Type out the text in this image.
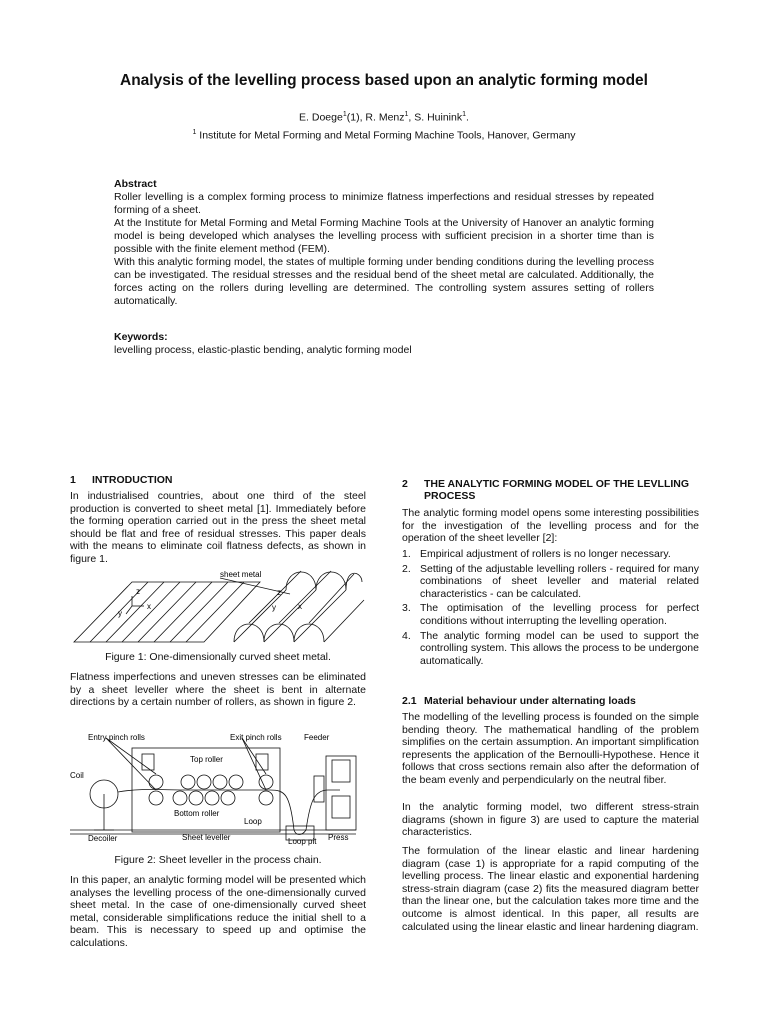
Analysis of the levelling process based upon an analytic forming model
E. Doege$^1$(1), R. Menz$^1$, S. Huinink$^1$.
$^1$ Institute for Metal Forming and Metal Forming Machine Tools, Hanover, Germany
Abstract

Roller levelling is a complex forming process to minimize flatness imperfections and residual stresses by repeated forming of a sheet.

At the Institute for Metal Forming and Metal Forming Machine Tools at the University of Hanover an analytic forming model is being developed which analyses the levelling process with sufficient precision in a shorter time than is possible with the finite element method (FEM).

With this analytic forming model, the states of multiple forming under bending conditions during the levelling process can be investigated. The residual stresses and the residual bend of the sheet metal are calculated. Additionally, the forces acting on the rollers during levelling are determined. The controlling system assures setting of rollers automatically.

Keywords:

levelling process, elastic-plastic bending, analytic forming model

1 INTRODUCTION
In industrialised countries, about one third of the steel production is converted to sheet metal [1]. Immediately before the forming operation carried out in the press the sheet metal should be flat and free of residual stresses. This paper deals with the means to eliminate coil flatness defects, as shown in figure 1.
sheet metal
z
x
y
z
x
y
Figure 1: One-dimensionally curved sheet metal.
Flatness imperfections and uneven stresses can be eliminated by a sheet leveller where the sheet is bent in alternate directions by a certain number of rollers, as shown in figure 2.
Entry pinch rolls	Exit pinch rolls	Feeder
Top roller
Coil
Bottom roller
Loop
Decoiler	Sheet leveller	Loop pit Press
Figure 2: Sheet leveller in the process chain.
In this paper, an analytic forming model will be presented which analyses the levelling process of the one-dimensionally curved sheet metal. In the case of one-dimensionally curved sheet metal, considerable simplifications reduce the initial shell to a beam. This is necessary to speed up and optimise the calculations.
2 THE ANALYTIC FORMING MODEL OF THE LEVLLING PROCESS
The analytic forming model opens some interesting possibilities for the investigation of the levelling process and for the operation of the sheet leveller [2]:
1. Empirical adjustment of rollers is no longer necessary.
2. Setting of the adjustable levelling rollers - required for many combinations of sheet leveller and material related characteristics - can be calculated.
3. The optimisation of the levelling process for perfect conditions without interrupting the levelling operation.
4. The analytic forming model can be used to support the controlling system. This allows the process to be undergone automatically.
2.1 Material behaviour under alternating loads
The modelling of the levelling process is founded on the simple bending theory. The mathematical handling of the problem simplifies on the certain assumption. An important simplification represents the application of the Bernoulli-Hypothese. Hence it follows that cross sections remain also after the deformation of the beam evenly and perpendicularly on the neutral fiber.
In the analytic forming model, two different stress-strain diagrams (shown in figure 3) are used to capture the material characteristics.
The formulation of the linear elastic and linear hardening diagram (case 1) is appropriate for a rapid computing of the levelling process. The linear elastic and exponential hardening stress-strain diagram (case 2) fits the measured diagram better than the linear one, but the calculation takes more time and the outcome is almost identical. In this paper, all results are calculated using the linear elastic and linear hardening diagram.
